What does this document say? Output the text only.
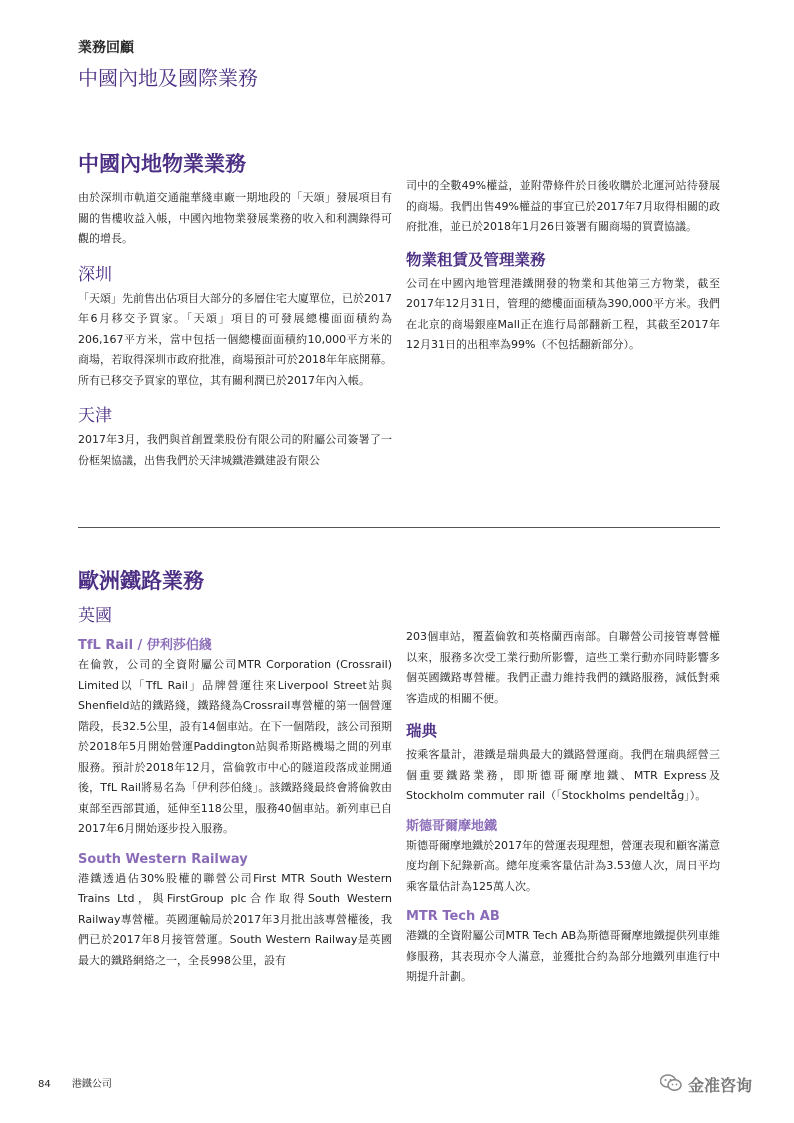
業務回顧
中國內地及國際業務
中國內地物業業務

由於深圳市軌道交通龍華綫車廠一期地段的「天頌」發展項目有關的售樓收益入帳，中國內地物業發展業務的收入和利潤錄得可觀的增長。

深圳

「天頌」先前售出佔項目大部分的多層住宅大廈單位，已於2017年6月移交予買家。「天頌」項目的可發展總樓面面積約為206,167平方米，當中包括一個總樓面面積約10,000平方米的商場，若取得深圳市政府批准，商場預計可於2018年年底開幕。所有已移交予買家的單位，其有關利潤已於2017年內入帳。

天津

2017年3月，我們與首創置業股份有限公司的附屬公司簽署了一份框架協議，出售我們於天津城鐵港鐵建設有限公

司中的全數49%權益，並附帶條件於日後收購於北運河站待發展的商場。我們出售49%權益的事宜已於2017年7月取得相關的政府批准，並已於2018年1月26日簽署有關商場的買賣協議。

物業租賃及管理業務

公司在中國內地管理港鐵開發的物業和其他第三方物業，截至2017年12月31日，管理的總樓面面積為390,000平方米。我們在北京的商場銀座Mall正在進行局部翻新工程，其截至2017年12月31日的出租率為99%（不包括翻新部分）。

歐洲鐵路業務
英國
TfL Rail / 伊利莎伯綫

在倫敦，公司的全資附屬公司MTR Corporation (Crossrail) Limited以「TfL Rail」品牌營運往來Liverpool Street站與Shenfield站的鐵路綫，鐵路綫為Crossrail專營權的第一個營運階段，長32.5公里，設有14個車站。在下一個階段，該公司預期於2018年5月開始營運Paddington站與希斯路機場之間的列車服務。預計於2018年12月，當倫敦市中心的隧道段落成並開通後，TfL Rail將易名為「伊利莎伯綫」。該鐵路綫最終會將倫敦由東部至西部貫通，延伸至118公里，服務40個車站。新列車已自2017年6月開始逐步投入服務。

South Western Railway

港鐵透過佔30%股權的聯營公司First MTR South Western Trains Ltd，與FirstGroup plc合作取得South Western Railway專營權。英國運輸局於2017年3月批出該專營權後，我們已於2017年8月接管營運。South Western Railway是英國最大的鐵路網絡之一，全長998公里，設有

203個車站，覆蓋倫敦和英格蘭西南部。自聯營公司接管專營權以來，服務多次受工業行動所影響，這些工業行動亦同時影響多個英國鐵路專營權。我們正盡力維持我們的鐵路服務，減低對乘客造成的相關不便。

瑞典

按乘客量計，港鐵是瑞典最大的鐵路營運商。我們在瑞典經營三個重要鐵路業務，即斯德哥爾摩地鐵、MTR Express及Stockholm commuter rail（「Stockholms pendeltåg」）。

斯德哥爾摩地鐵

斯德哥爾摩地鐵於2017年的營運表現理想，營運表現和顧客滿意度均創下紀錄新高。總年度乘客量估計為3.53億人次，周日平均乘客量估計為125萬人次。

MTR Tech AB

港鐵的全資附屬公司MTR Tech AB為斯德哥爾摩地鐵提供列車維修服務，其表現亦令人滿意，並獲批合約為部分地鐵列車進行中期提升計劃。

84 港鐵公司	金准咨询
